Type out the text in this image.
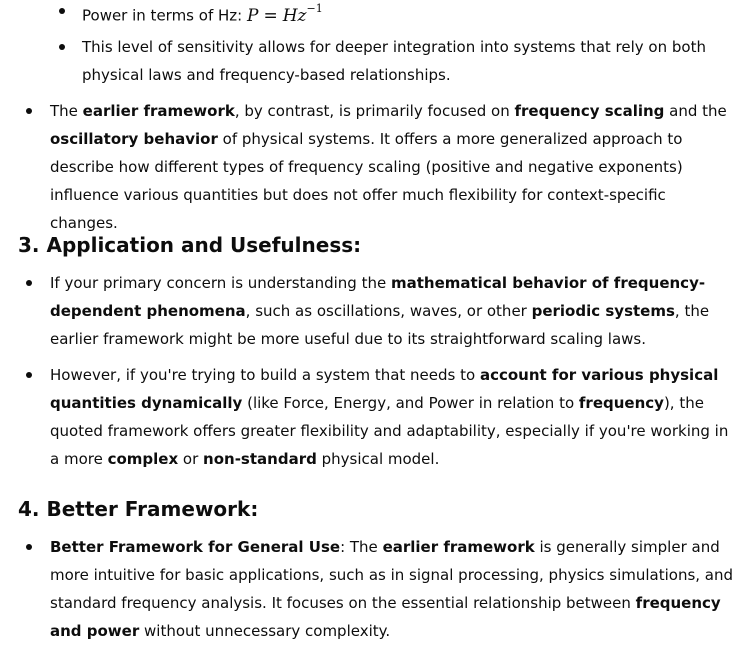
Power in terms of Hz: $P = Hz^{-1}$
This level of sensitivity allows for deeper integration into systems that rely on both physical laws and frequency-based relationships.
The earlier framework, by contrast, is primarily focused on frequency scaling and the oscillatory behavior of physical systems. It offers a more generalized approach to describe how different types of frequency scaling (positive and negative exponents) influence various quantities but does not offer much flexibility for context-specific changes.
3. Application and Usefulness:
If your primary concern is understanding the mathematical behavior of frequency-dependent phenomena, such as oscillations, waves, or other periodic systems, the earlier framework might be more useful due to its straightforward scaling laws.
However, if you're trying to build a system that needs to account for various physical quantities dynamically (like Force, Energy, and Power in relation to frequency), the quoted framework offers greater flexibility and adaptability, especially if you're working in a more complex or non-standard physical model.
4. Better Framework:
Better Framework for General Use: The earlier framework is generally simpler and more intuitive for basic applications, such as in signal processing, physics simulations, and standard frequency analysis. It focuses on the essential relationship between frequency and power without unnecessary complexity.
